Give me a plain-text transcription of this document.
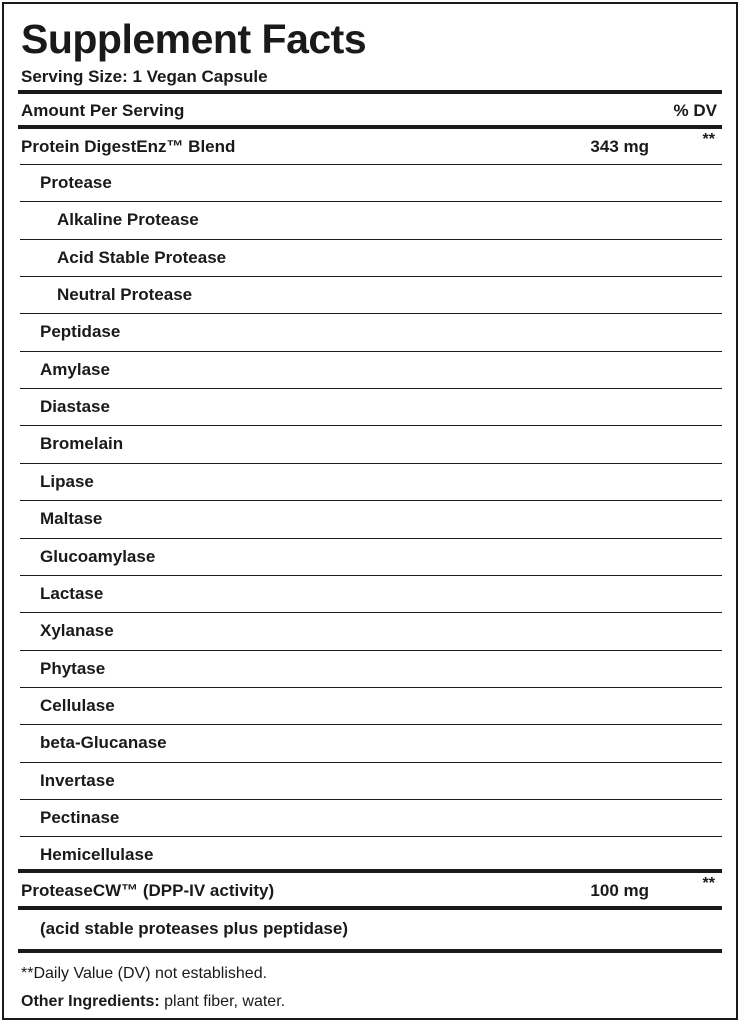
Supplement Facts
Serving Size: 1 Vegan Capsule
Amount Per Serving	% DV
Protein DigestEnz™ Blend	343 mg	**
Protease
Alkaline Protease
Acid Stable Protease
Neutral Protease
Peptidase
Amylase
Diastase
Bromelain
Lipase
Maltase
Glucoamylase
Lactase
Xylanase
Phytase
Cellulase
beta-Glucanase
Invertase
Pectinase
Hemicellulase
ProteaseCW™ (DPP-IV activity)	100 mg	**
(acid stable proteases plus peptidase)
**Daily Value (DV) not established.
Other Ingredients: plant fiber, water.
